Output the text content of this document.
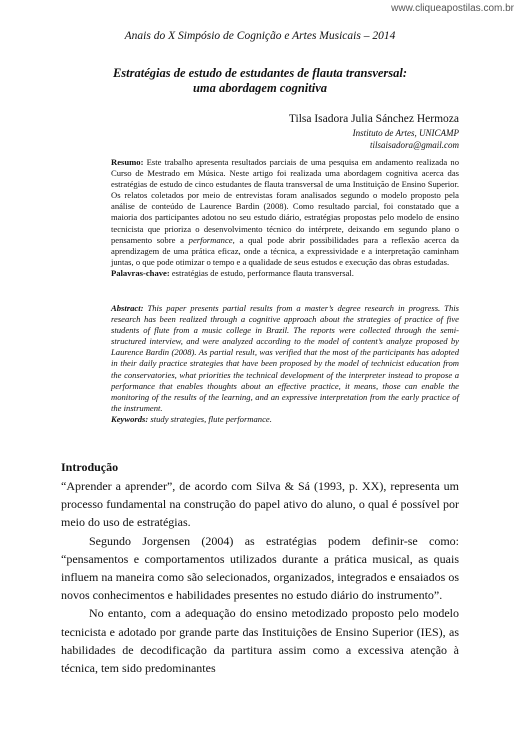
www.cliqueapostilas.com.br
Anais do X Simpósio de Cognição e Artes Musicais – 2014
Estratégias de estudo de estudantes de flauta transversal:
uma abordagem cognitiva
Tilsa Isadora Julia Sánchez Hermoza
Instituto de Artes, UNICAMP
tilsaisadora@gmail.com

Resumo: Este trabalho apresenta resultados parciais de uma pesquisa em andamento realizada no Curso de Mestrado em Música. Neste artigo foi realizada uma abordagem cognitiva acerca das estratégias de estudo de cinco estudantes de flauta transversal de uma Instituição de Ensino Superior. Os relatos coletados por meio de entrevistas foram analisados segundo o modelo proposto pela análise de conteúdo de Laurence Bardin (2008). Como resultado parcial, foi constatado que a maioria dos participantes adotou no seu estudo diário, estratégias propostas pelo modelo de ensino tecnicista que prioriza o desenvolvimento técnico do intérprete, deixando em segundo plano o pensamento sobre a performance, a qual pode abrir possibilidades para a reflexão acerca da aprendizagem de uma prática eficaz, onde a técnica, a expressividade e a interpretação caminham juntas, o que pode otimizar o tempo e a qualidade de seus estudos e execução das obras estudadas.

Palavras-chave: estratégias de estudo, performance flauta transversal.

Abstract: This paper presents partial results from a master’s degree research in progress. This research has been realized through a cognitive approach about the strategies of practice of five students of flute from a music college in Brazil. The reports were collected through the semi-structured interview, and were analyzed according to the model of content’s analyze proposed by Laurence Bardin (2008). As partial result, was verified that the most of the participants has adopted in their daily practice strategies that have been proposed by the model of technicist education from the conservatories, what priorities the technical development of the interpreter instead to propose a performance that enables thoughts about an effective practice, it means, those can enable the monitoring of the results of the learning, and an expressive interpretation from the early practice of the instrument.

Keywords: study strategies, flute performance.

Introdução

“Aprender a aprender”, de acordo com Silva & Sá (1993, p. XX), representa um processo fundamental na construção do papel ativo do aluno, o qual é possível por meio do uso de estratégias.

Segundo Jorgensen (2004) as estratégias podem definir-se como: “pensamentos e comportamentos utilizados durante a prática musical, as quais influem na maneira como são selecionados, organizados, integrados e ensaiados os novos conhecimentos e habilidades presentes no estudo diário do instrumento”.

No entanto, com a adequação do ensino metodizado proposto pelo modelo tecnicista e adotado por grande parte das Instituições de Ensino Superior (IES), as habilidades de decodificação da partitura assim como a excessiva atenção à técnica, tem sido predominantes
